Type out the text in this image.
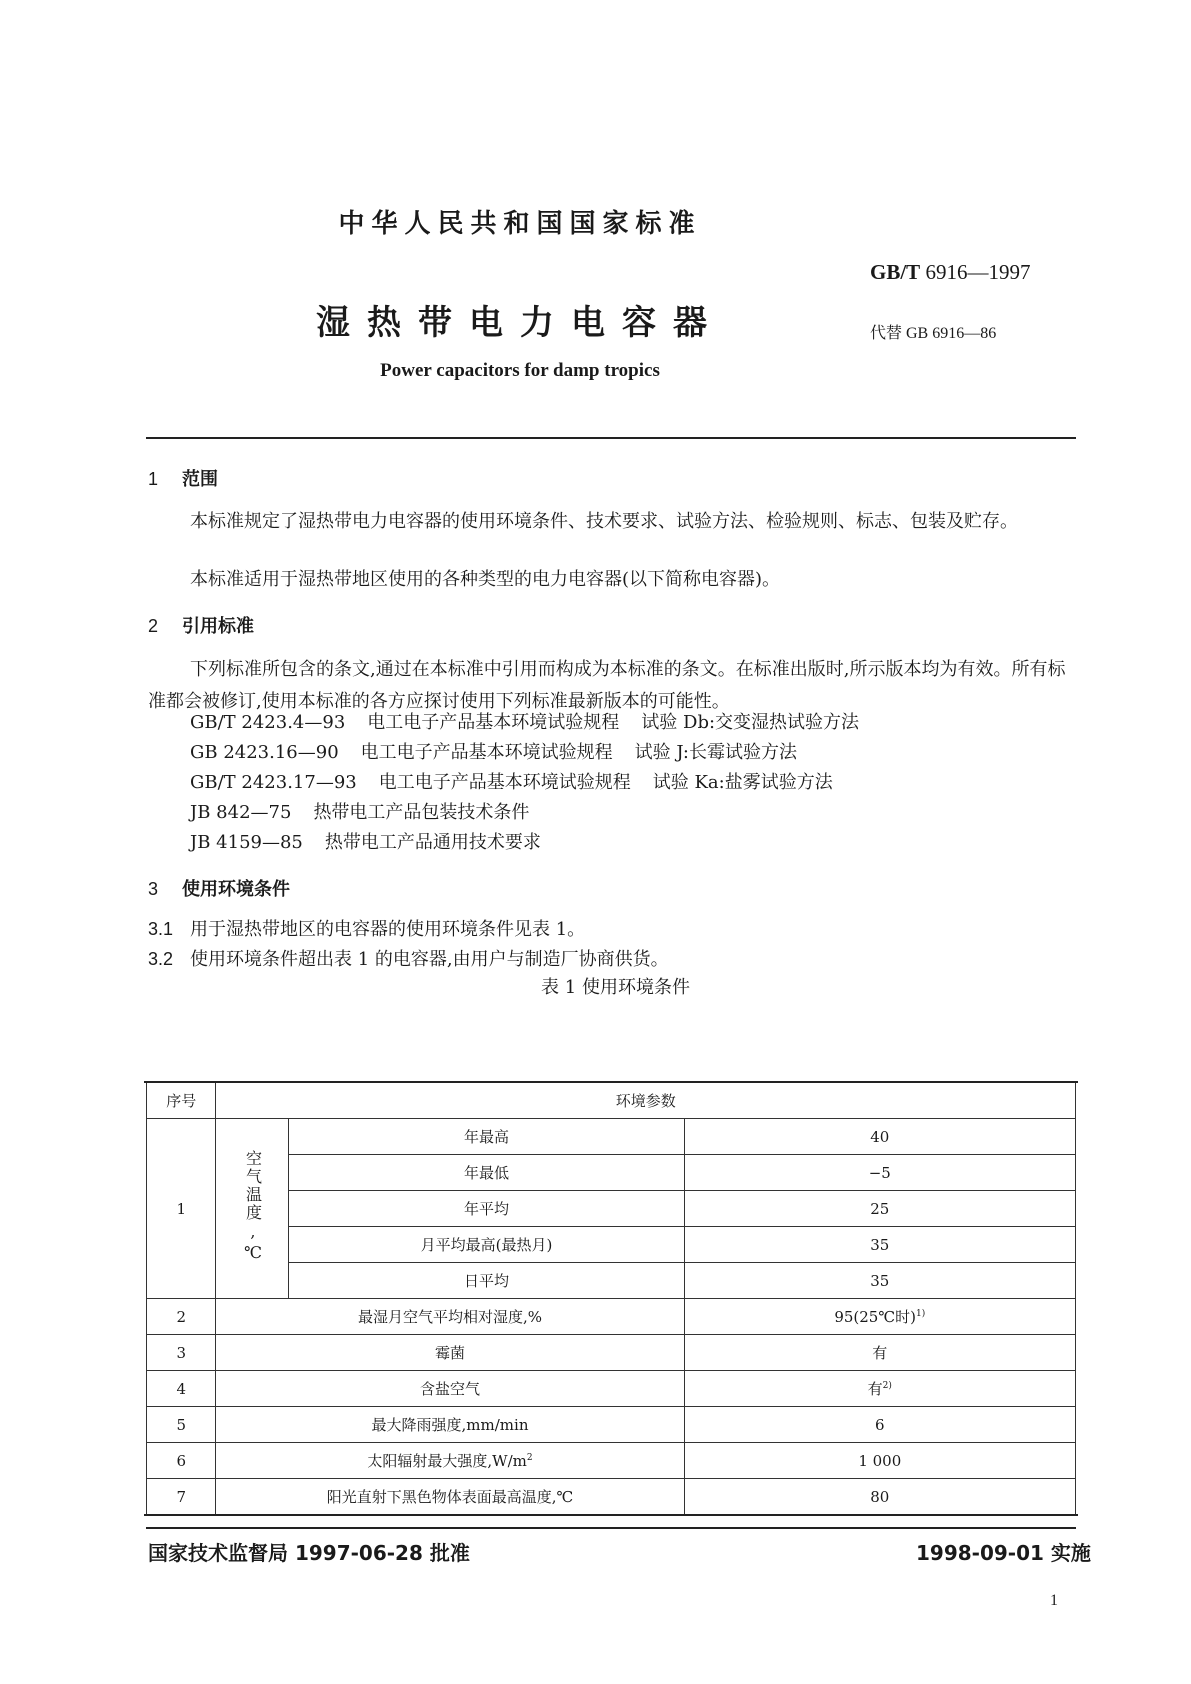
中华人民共和国国家标准
GB/T 6916—1997
湿热带电力电容器	代替 GB 6916—86
Power capacitors for damp tropics
1 范围
本标准规定了湿热带电力电容器的使用环境条件、技术要求、试验方法、检验规则、标志、包装及贮存。
本标准适用于湿热带地区使用的各种类型的电力电容器(以下简称电容器)。
2 引用标准
下列标准所包含的条文,通过在本标准中引用而构成为本标准的条文。在标准出版时,所示版本均为有效。所有标准都会被修订,使用本标准的各方应探讨使用下列标准最新版本的可能性。
GB/T 2423.4—93 电工电子产品基本环境试验规程 试验 Db:交变湿热试验方法
GB 2423.16—90 电工电子产品基本环境试验规程 试验 J:长霉试验方法
GB/T 2423.17—93 电工电子产品基本环境试验规程 试验 Ka:盐雾试验方法
JB 842—75 热带电工产品包装技术条件
JB 4159—85 热带电工产品通用技术要求
3 使用环境条件
3.1 用于湿热带地区的电容器的使用环境条件见表 1。
3.2 使用环境条件超出表 1 的电容器,由用户与制造厂协商供货。
表 1 使用环境条件
序号	环境参数		
1	空气温度,℃	年最高	40
		年最低	−5
		年平均	25
		月平均最高(最热月)	35
		日平均	35
2	最湿月空气平均相对湿度,%		95(25℃时)$^{1)}$
3	霉菌		有
4	含盐空气		有$^{2)}$
5	最大降雨强度,mm/min		6
6	太阳辐射最大强度$,W/m^2$		1 000
7	阳光直射下黑色物体表面最高温度,℃		80
国家技术监督局 1997-06-28 批准	1998-09-01 实施
1
